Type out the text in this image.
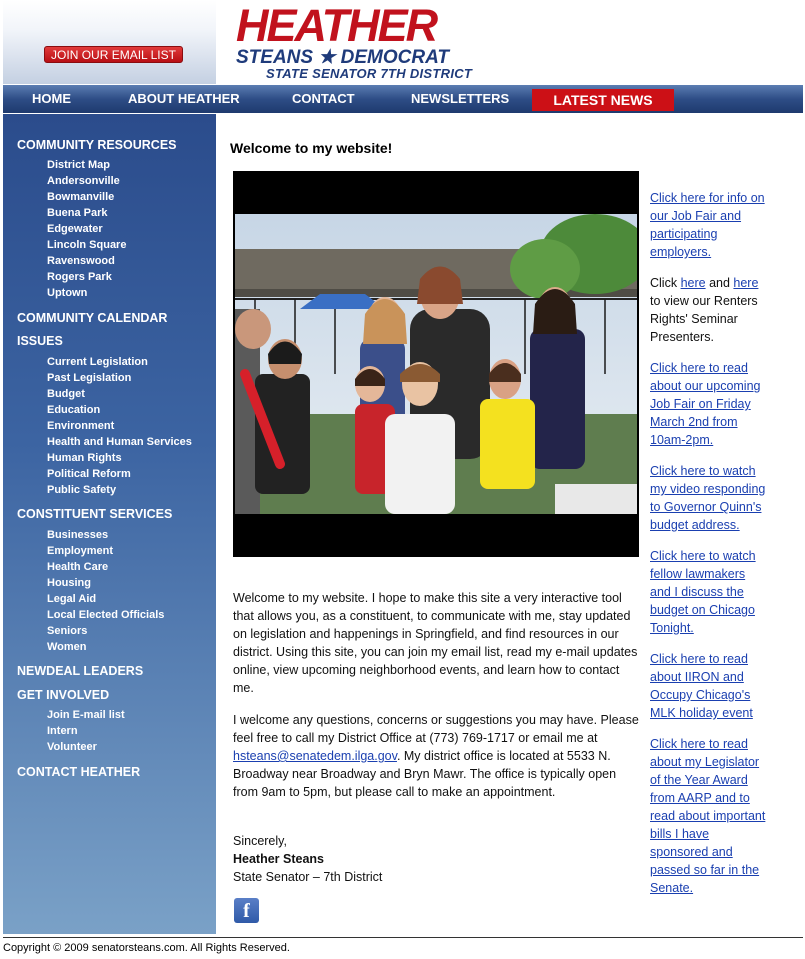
JOIN OUR EMAIL LIST
HEATHER
STEANS ★ DEMOCRAT
STATE SENATOR 7TH DISTRICT
HOME	ABOUT HEATHER	CONTACT	NEWSLETTERS	LATEST NEWS
COMMUNITY RESOURCES
District Map
Andersonville
Bowmanville
Buena Park
Edgewater
Lincoln Square
Ravenswood
Rogers Park
Uptown
COMMUNITY CALENDAR
ISSUES
Current Legislation
Past Legislation
Budget
Education
Environment
Health and Human Services
Human Rights
Political Reform
Public Safety
CONSTITUENT SERVICES
Businesses
Employment
Health Care
Housing
Legal Aid
Local Elected Officials
Seniors
Women
NEWDEAL LEADERS
GET INVOLVED
Join E-mail list
Intern
Volunteer
CONTACT HEATHER
Welcome to my website!
Welcome to my website. I hope to make this site a very interactive tool that allows you, as a constituent, to communicate with me, stay updated on legislation and happenings in Springfield, and find resources in our district. Using this site, you can join my email list, read my e-mail updates online, view upcoming neighborhood events, and learn how to contact me.
I welcome any questions, concerns or suggestions you may have. Please feel free to call my District Office at (773) 769-1717 or email me at hsteans@senatedem.ilga.gov. My district office is located at 5533 N. Broadway near Broadway and Bryn Mawr. The office is typically open from 9am to 5pm, but please call to make an appointment.
Sincerely,
Heather Steans
State Senator – 7th District
f

Click here for info on our Job Fair and participating employers.

Click here and here to view our Renters Rights' Seminar Presenters.

Click here to read about our upcoming Job Fair on Friday March 2nd from 10am-2pm.

Click here to watch my video responding to Governor Quinn's budget address.

Click here to watch fellow lawmakers and I discuss the budget on Chicago Tonight.

Click here to read about IIRON and Occupy Chicago's MLK holiday event

Click here to read about my Legislator of the Year Award from AARP and to read about important bills I have sponsored and passed so far in the Senate.

Copyright © 2009 senatorsteans.com. All Rights Reserved.
